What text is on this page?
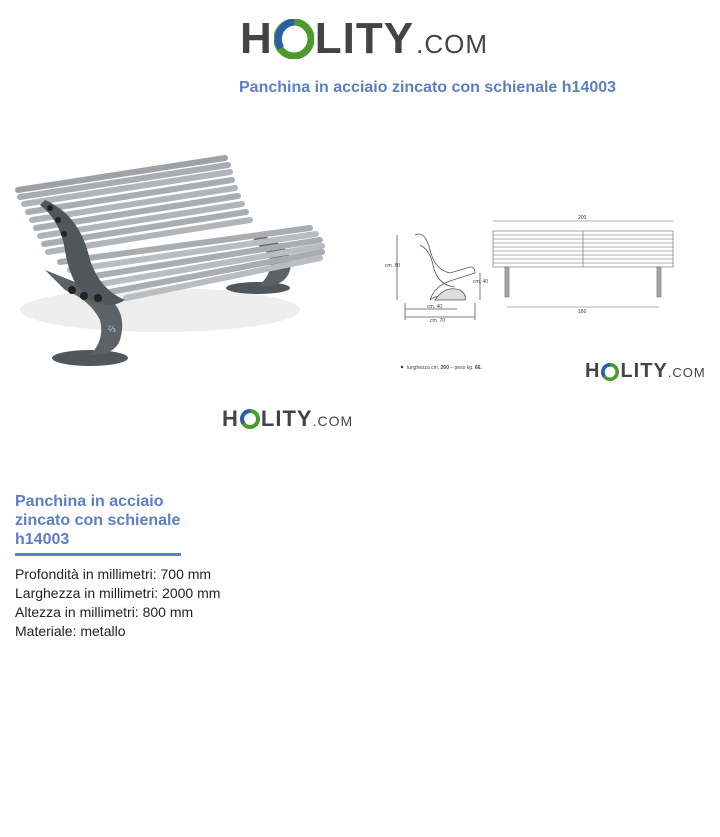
H LITY .COM
Panchina in acciaio zincato con schienale h14003
⅔
cm. 80
cm. 40
cm. 40
cm. 70
200
186
lunghezza cm. 200 – peso kg. 66.	H LITY .COM
H LITY .COM
Panchina in acciaio zincato con schienale h14003
Profondità in millimetri: 700 mm
Larghezza in millimetri: 2000 mm
Altezza in millimetri: 800 mm
Materiale: metallo
